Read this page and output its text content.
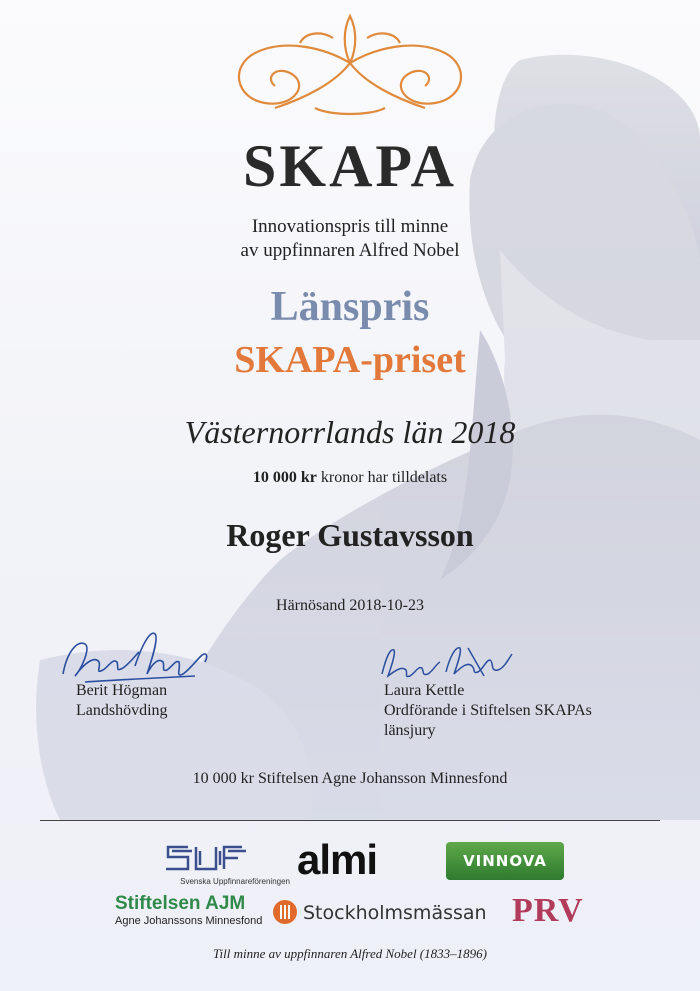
SKAPA
Innovationspris till minne
av uppfinnaren Alfred Nobel
Länspris
SKAPA-priset
Västernorrlands län 2018
10 000 kr kronor har tilldelats
Roger Gustavsson
Härnösand 2018-10-23
Berit Högman
Landshövding
Laura Kettle
Ordförande i Stiftelsen SKAPAs
länsjury
10 000 kr Stiftelsen Agne Johansson Minnesfond
Svenska Uppfinnareföreningen almi	VINNOVA
Stiftelsen AJM
Agne Johanssons Minnesfond	Stockholmsmässan PRV
Till minne av uppfinnaren Alfred Nobel (1833–1896)
